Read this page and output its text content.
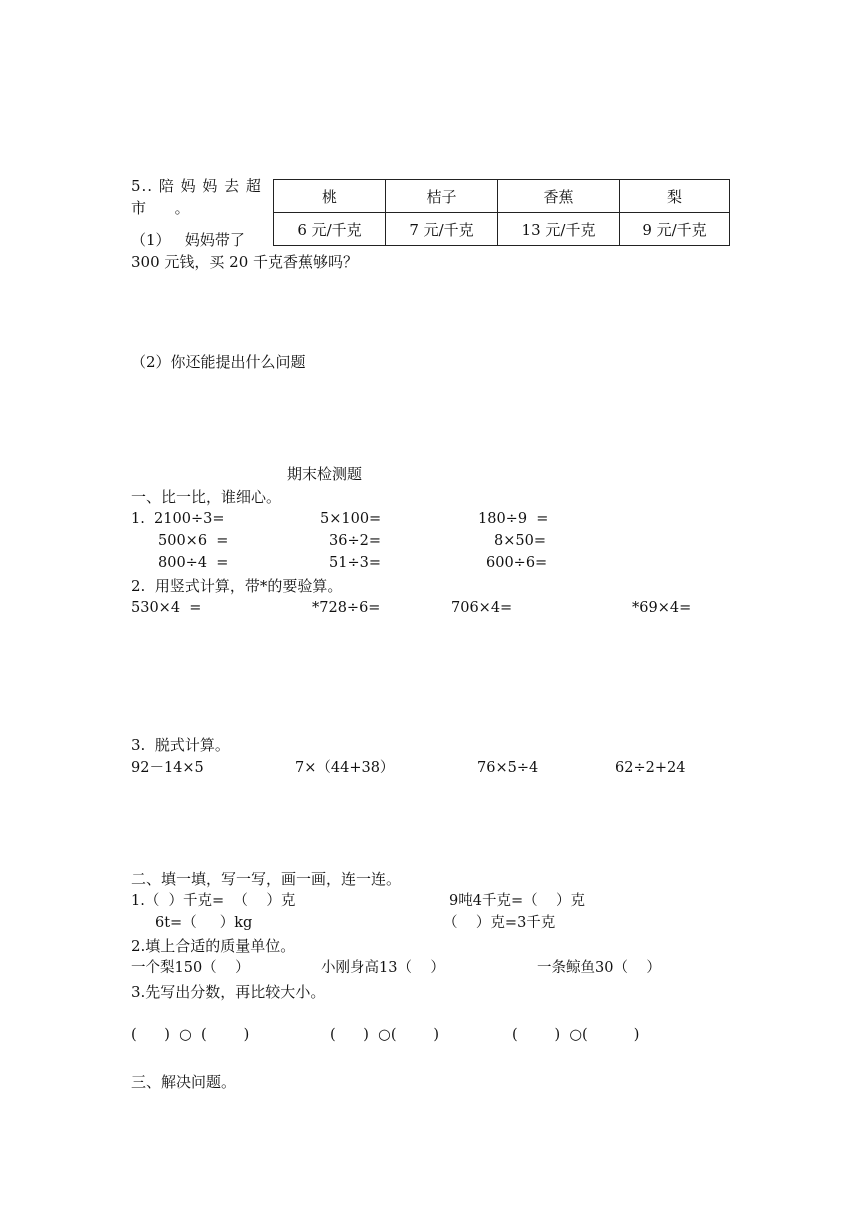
5.. 陪 妈 妈 去 超
市      。
（1）   妈妈带了
300 元钱，买 20 千克香蕉够吗？
桃	桔子	香蕉	梨
6 元/千克	7 元/千克	13 元/千克	9 元/千克
（2）你还能提出什么问题
期末检测题
一、比一比，谁细心。
1.  2100÷3=	5×100=	180÷9  =
500×6  =	36÷2=	8×50=
800÷4  =	51÷3=	600÷6=
2.  用竖式计算，带*的要验算。
530×4  =	*728÷6=	706×4=	*69×4=
3.  脱式计算。
92－14×5	7×（44+38）	76×5÷4	62÷2+24
二、填一填，写一写，画一画，连一连。
1.（  ）千克=  （    ）克	9吨4千克=（    ）克
6t=（     ）kg	（    ）克=3千克
2.填上合适的质量单位。
一个梨150（    ）	小刚身高13（    ）	一条鲸鱼30（    ）
3.先写出分数，再比较大小。
(      )  ○  (        )	(      )  ○(        )	(        )  ○(          )
三、解决问题。
